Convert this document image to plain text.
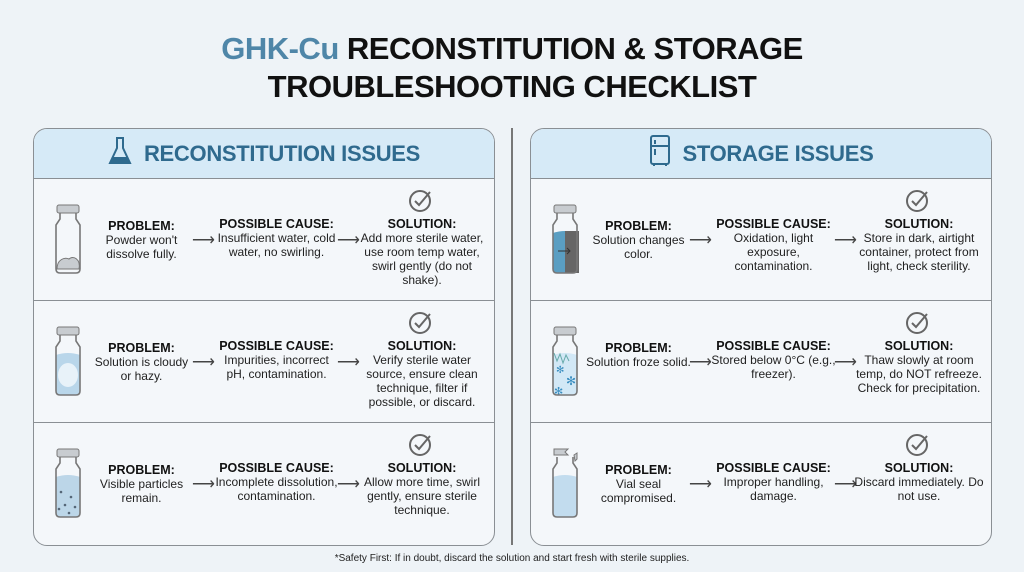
GHK-Cu RECONSTITUTION & STORAGE
TROUBLESHOOTING CHECKLIST
RECONSTITUTION ISSUES
PROBLEM:
Powder won't dissolve fully.
⟶
POSSIBLE CAUSE:
Insufficient water, cold water, no swirling.
⟶
SOLUTION:
Add more sterile water, use room temp water, swirl gently (do not shake).
PROBLEM:
Solution is cloudy or hazy.
⟶
POSSIBLE CAUSE:
Impurities, incorrect pH, contamination.
⟶
SOLUTION:
Verify sterile water source, ensure clean technique, filter if possible, or discard.
PROBLEM:
Visible particles remain.
⟶
POSSIBLE CAUSE:
Incomplete dissolution, contamination.
⟶
SOLUTION:
Allow more time, swirl gently, ensure sterile technique.
STORAGE ISSUES
PROBLEM:
Solution changes color.
⟶
POSSIBLE CAUSE:
Oxidation, light exposure, contamination.
⟶
SOLUTION:
Store in dark, airtight container, protect from light, check sterility.
✻
✻
✻
PROBLEM:
Solution froze solid.
⟶
POSSIBLE CAUSE:
Stored below 0°C (e.g., freezer).
⟶
SOLUTION:
Thaw slowly at room temp, do NOT refreeze. Check for precipitation.
PROBLEM:
Vial seal compromised.
⟶
POSSIBLE CAUSE:
Improper handling, damage.
⟶
SOLUTION:
Discard immediately. Do not use.
*Safety First: If in doubt, discard the solution and start fresh with sterile supplies.
